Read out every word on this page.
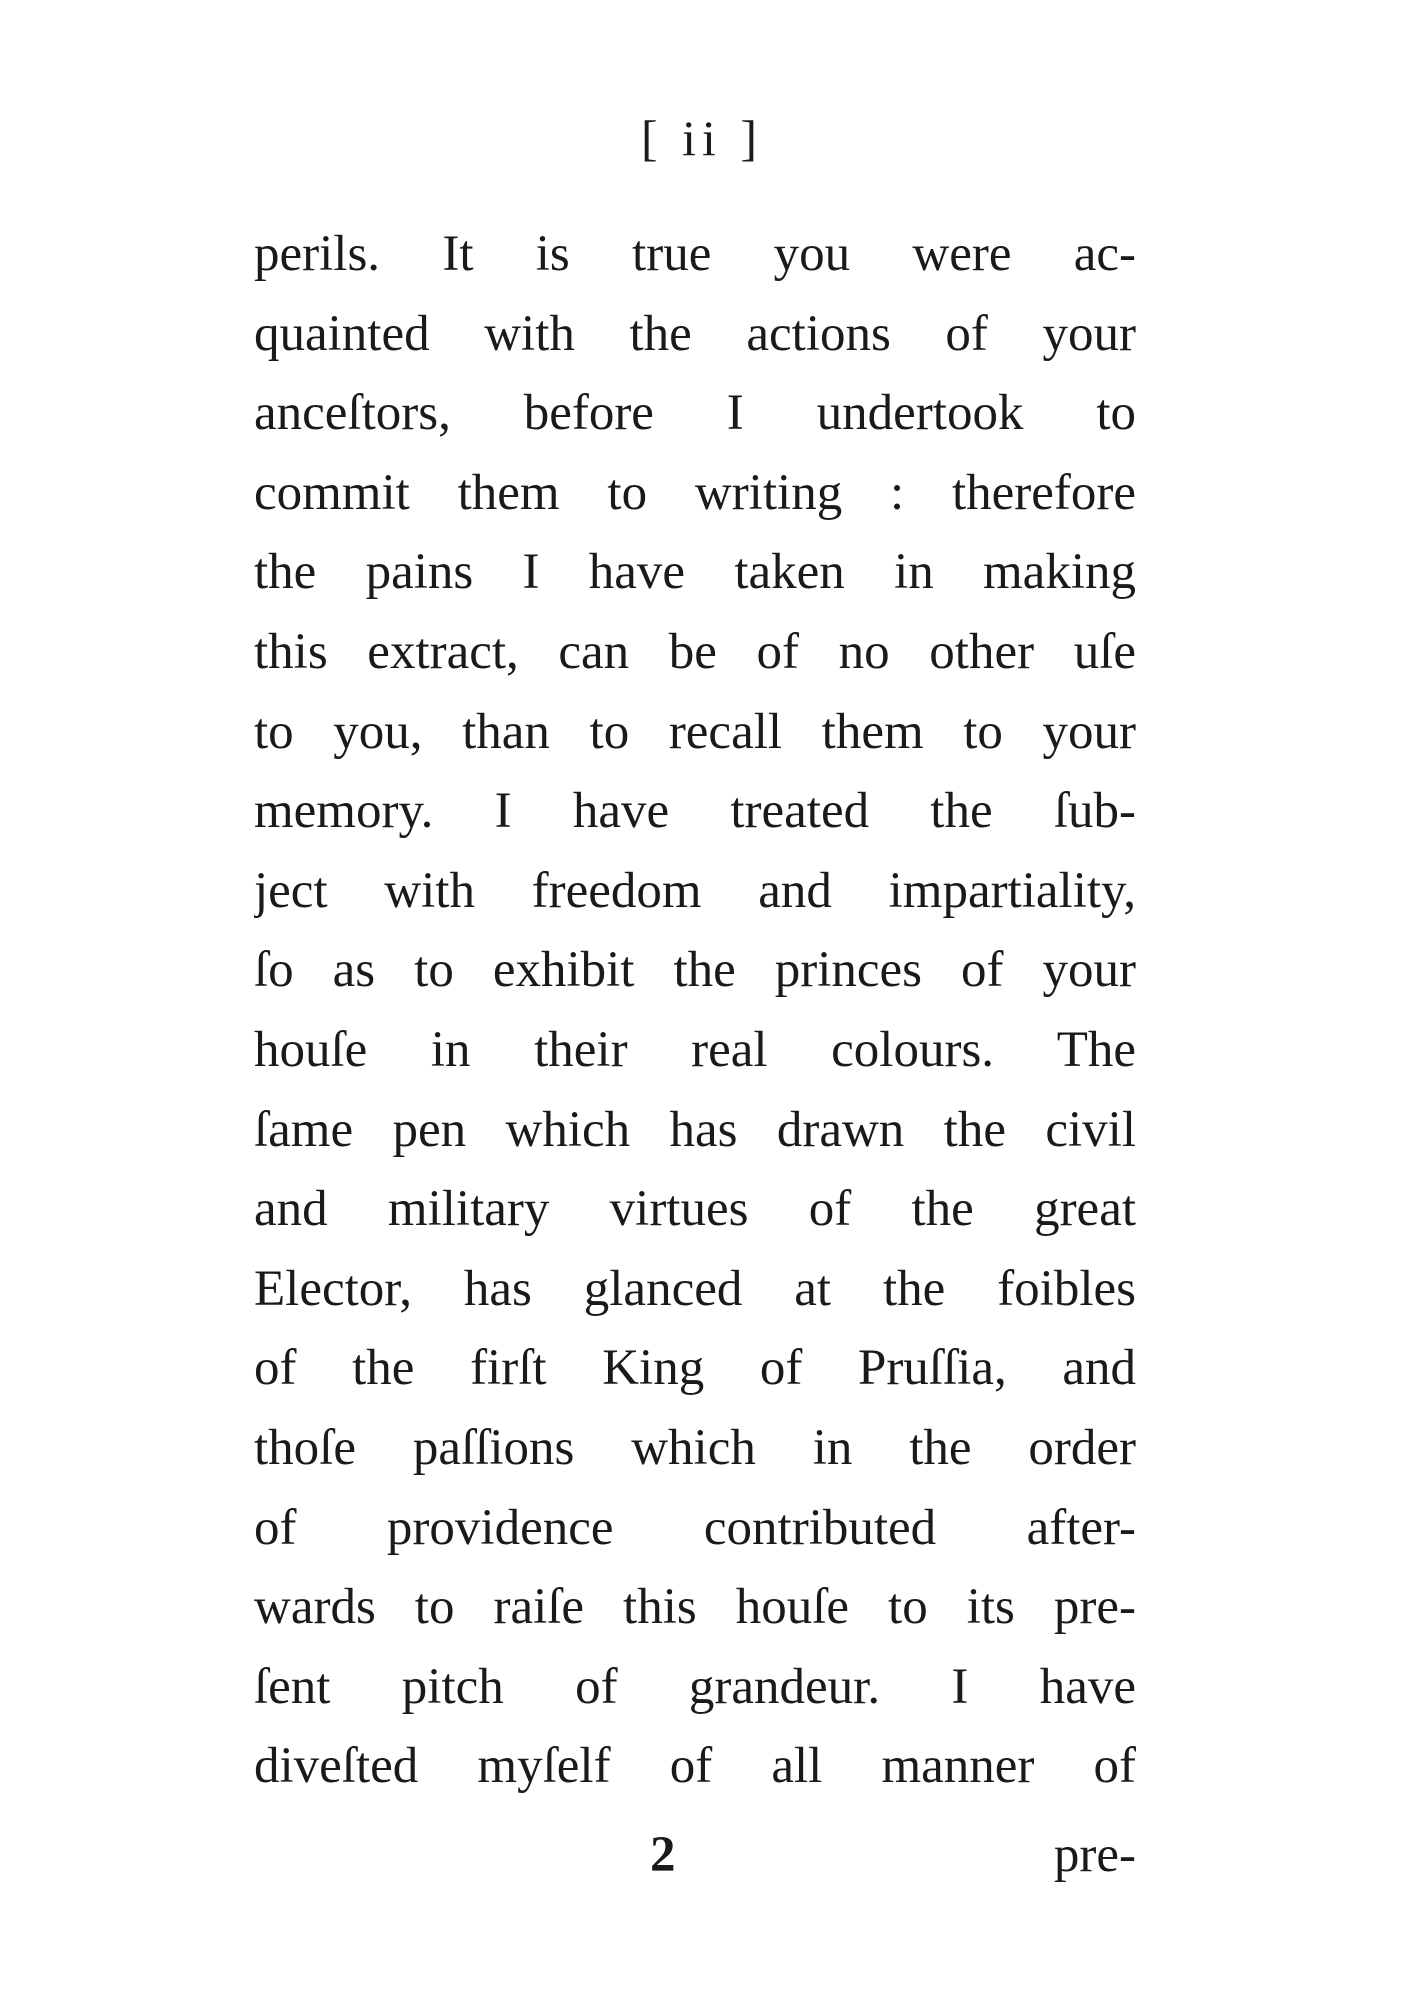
[ ii ]
perils. It is true you were ac-
quainted with the actions of your
anceſtors, before I undertook to
commit them to writing : therefore
the pains I have taken in making
this extract, can be of no other uſe
to you, than to recall them to your
memory. I have treated the ſub-
ject with freedom and impartiality,
ſo as to exhibit the princes of your
houſe in their real colours. The
ſame pen which has drawn the civil
and military virtues of the great
Elector, has glanced at the foibles
of the firſt King of Pruſſia, and
thoſe paſſions which in the order
of providence contributed after-
wards to raiſe this houſe to its pre-
ſent pitch of grandeur. I have
diveſted myſelf of all manner of
2	pre-
